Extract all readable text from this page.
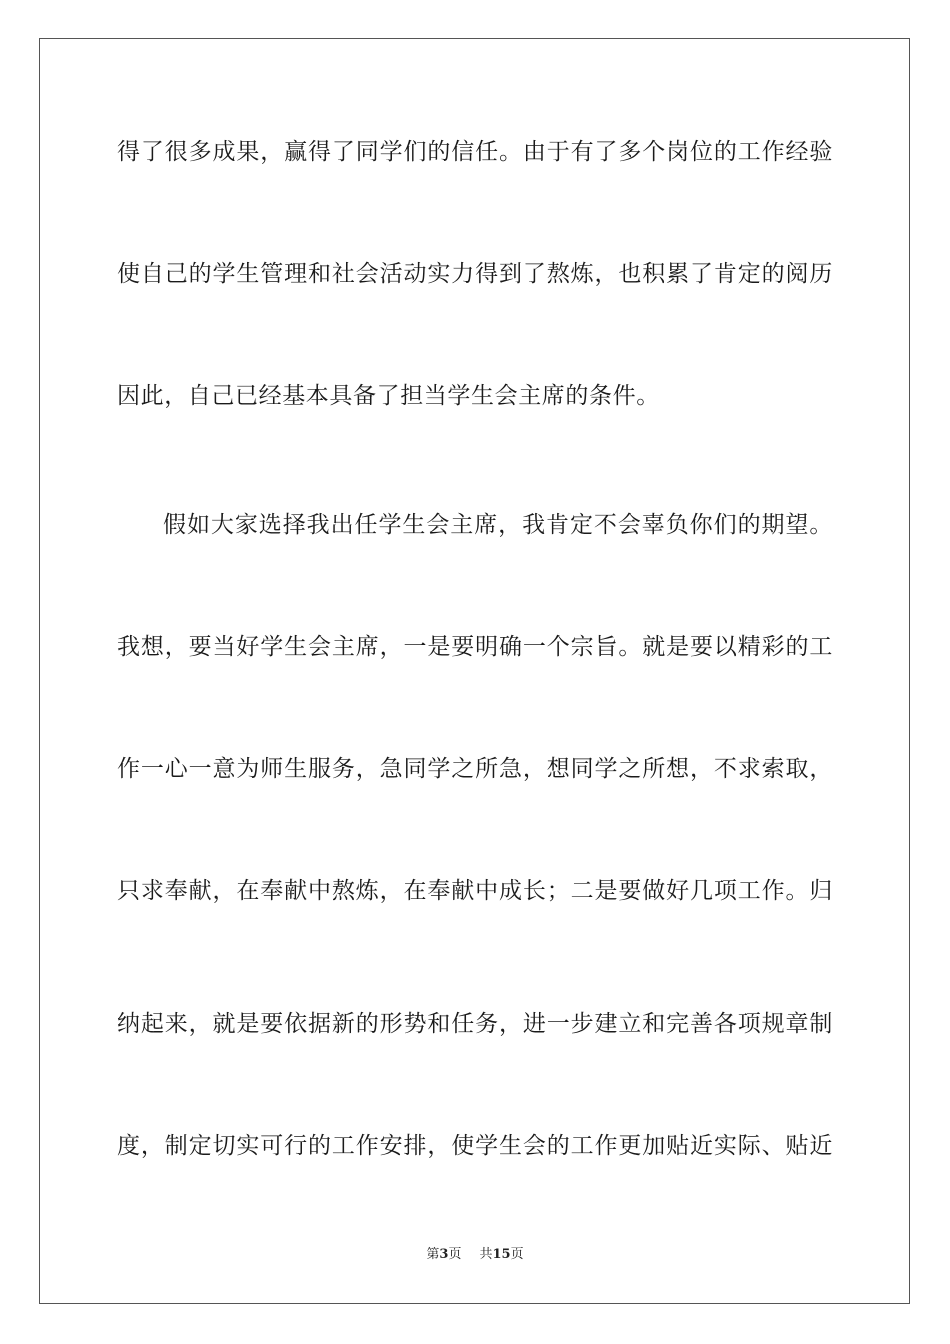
得了很多成果，赢得了同学们的信任。由于有了多个岗位的工作经验
使自己的学生管理和社会活动实力得到了熬炼，也积累了肯定的阅历
因此，自己已经基本具备了担当学生会主席的条件。
假如大家选择我出任学生会主席，我肯定不会辜负你们的期望。
我想，要当好学生会主席，一是要明确一个宗旨。就是要以精彩的工
作一心一意为师生服务，急同学之所急，想同学之所想，不求索取，
只求奉献，在奉献中熬炼，在奉献中成长；二是要做好几项工作。归
纳起来，就是要依据新的形势和任务，进一步建立和完善各项规章制
度，制定切实可行的工作安排，使学生会的工作更加贴近实际、贴近
第3页 共15页
